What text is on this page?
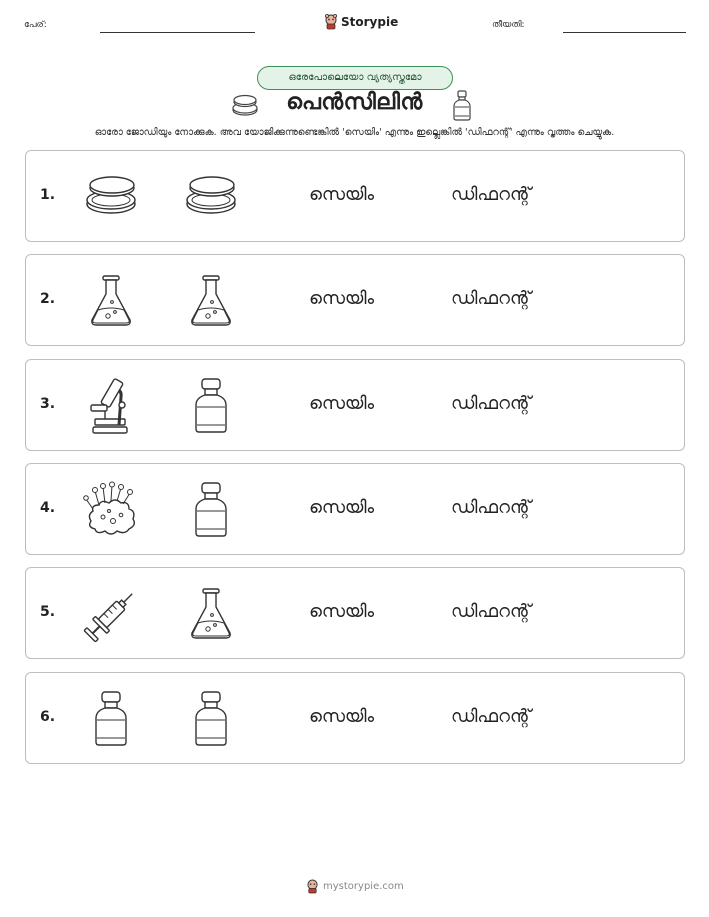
പേര്:	Storypie	തീയതി:
ഒരേപോലെയോ വ്യത്യസ്തമോ
പെൻസിലിൻ
ഓരോ ജോഡിയും നോക്കുക. അവ യോജിക്കുന്നുണ്ടെങ്കിൽ 'സെയിം' എന്നും ഇല്ലെങ്കിൽ 'ഡിഫറന്റ്' എന്നും വൃത്തം ചെയ്യുക.
1.	സെയിം	ഡിഫറന്റ്
2.	സെയിം	ഡിഫറന്റ്
3.	സെയിം	ഡിഫറന്റ്
4.	സെയിം	ഡിഫറന്റ്
5.	സെയിം	ഡിഫറന്റ്
6.	സെയിം	ഡിഫറന്റ്
mystorypie.com
